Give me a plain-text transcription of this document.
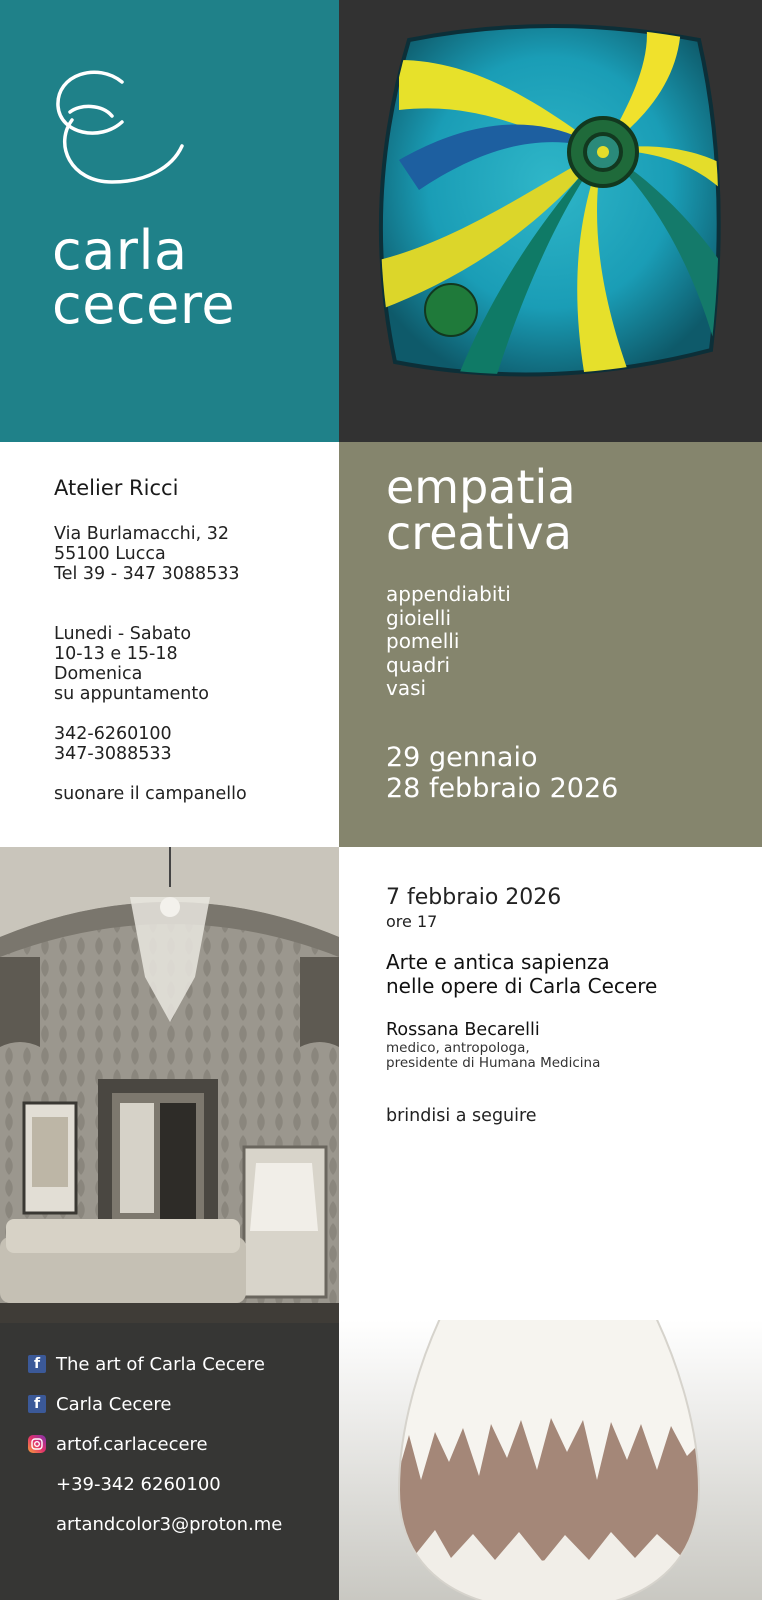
carla
cecere
Atelier Ricci
Via Burlamacchi, 32
55100 Lucca
Tel 39 - 347 3088533
Lunedi - Sabato
10-13 e 15-18
Domenica
su appuntamento
342-6260100
347-3088533
suonare il campanello
empatia
creativa
appendiabiti
gioielli
pomelli
quadri
vasi
29 gennaio
28 febbraio 2026
7 febbraio 2026
ore 17
Arte e antica sapienza
nelle opere di Carla Cecere
Rossana Becarelli
medico, antropologa,
presidente di Humana Medicina
brindisi a seguire
f The art of Carla Cecere
f Carla Cecere
artof.carlacecere
+39-342 6260100
artandcolor3@proton.me
